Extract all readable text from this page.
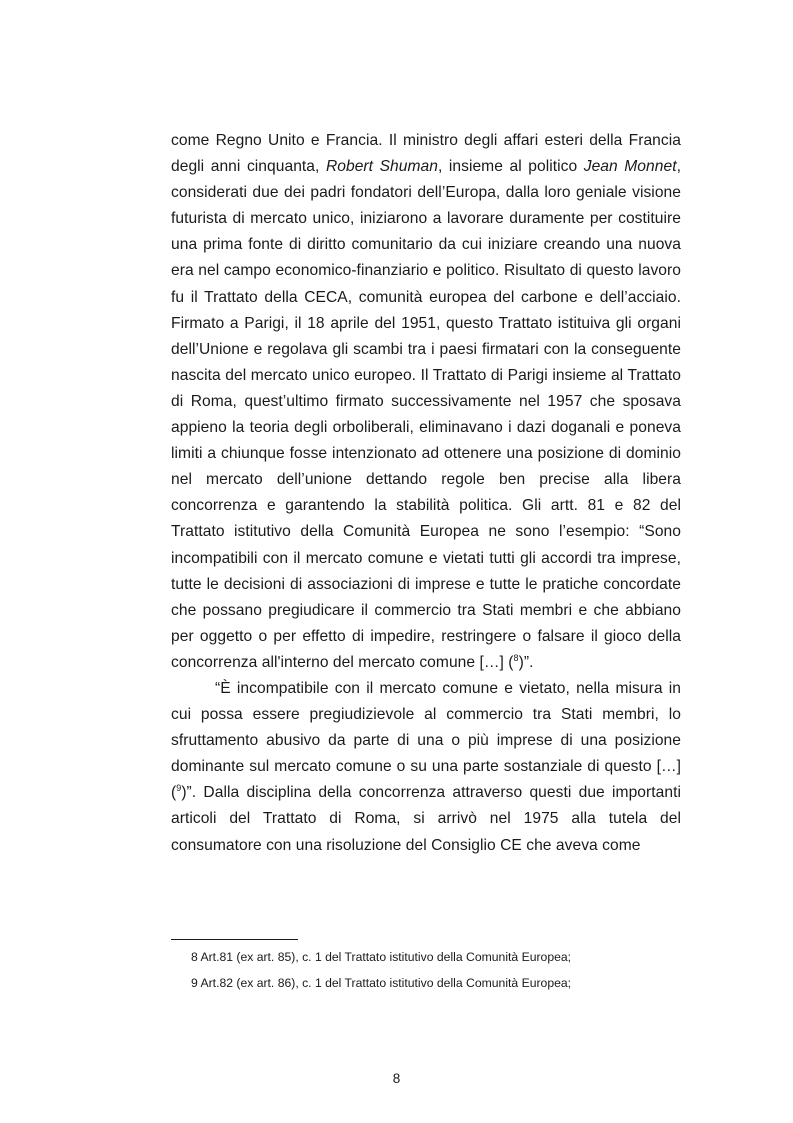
come Regno Unito e Francia. Il ministro degli affari esteri della Francia degli anni cinquanta, Robert Shuman, insieme al politico Jean Monnet, considerati due dei padri fondatori dell’Europa, dalla loro geniale visione futurista di mercato unico, iniziarono a lavorare duramente per costituire una prima fonte di diritto comunitario da cui iniziare creando una nuova era nel campo economico-finanziario e politico. Risultato di questo lavoro fu il Trattato della CECA, comunità europea del carbone e dell’acciaio. Firmato a Parigi, il 18 aprile del 1951, questo Trattato istituiva gli organi dell’Unione e regolava gli scambi tra i paesi firmatari con la conseguente nascita del mercato unico europeo. Il Trattato di Parigi insieme al Trattato di Roma, quest’ultimo firmato successivamente nel 1957 che sposava appieno la teoria degli orboliberali, eliminavano i dazi doganali e poneva limiti a chiunque fosse intenzionato ad ottenere una posizione di dominio nel mercato dell’unione dettando regole ben precise alla libera concorrenza e garantendo la stabilità politica. Gli artt. 81 e 82 del Trattato istitutivo della Comunità Europea ne sono l’esempio: “Sono incompatibili con il mercato comune e vietati tutti gli accordi tra imprese, tutte le decisioni di associazioni di imprese e tutte le pratiche concordate che possano pregiudicare il commercio tra Stati membri e che abbiano per oggetto o per effetto di impedire, restringere o falsare il gioco della concorrenza all'interno del mercato comune […] ($^8$)”.

“È incompatibile con il mercato comune e vietato, nella misura in cui possa essere pregiudizievole al commercio tra Stati membri, lo sfruttamento abusivo da parte di una o più imprese di una posizione dominante sul mercato comune o su una parte sostanziale di questo […] ($^9$)”. Dalla disciplina della concorrenza attraverso questi due importanti articoli del Trattato di Roma, si arrivò nel 1975 alla tutela del consumatore con una risoluzione del Consiglio CE che aveva come

8 Art.81 (ex art. 85), c. 1 del Trattato istitutivo della Comunità Europea;

9 Art.82 (ex art. 86), c. 1 del Trattato istitutivo della Comunità Europea;

8
